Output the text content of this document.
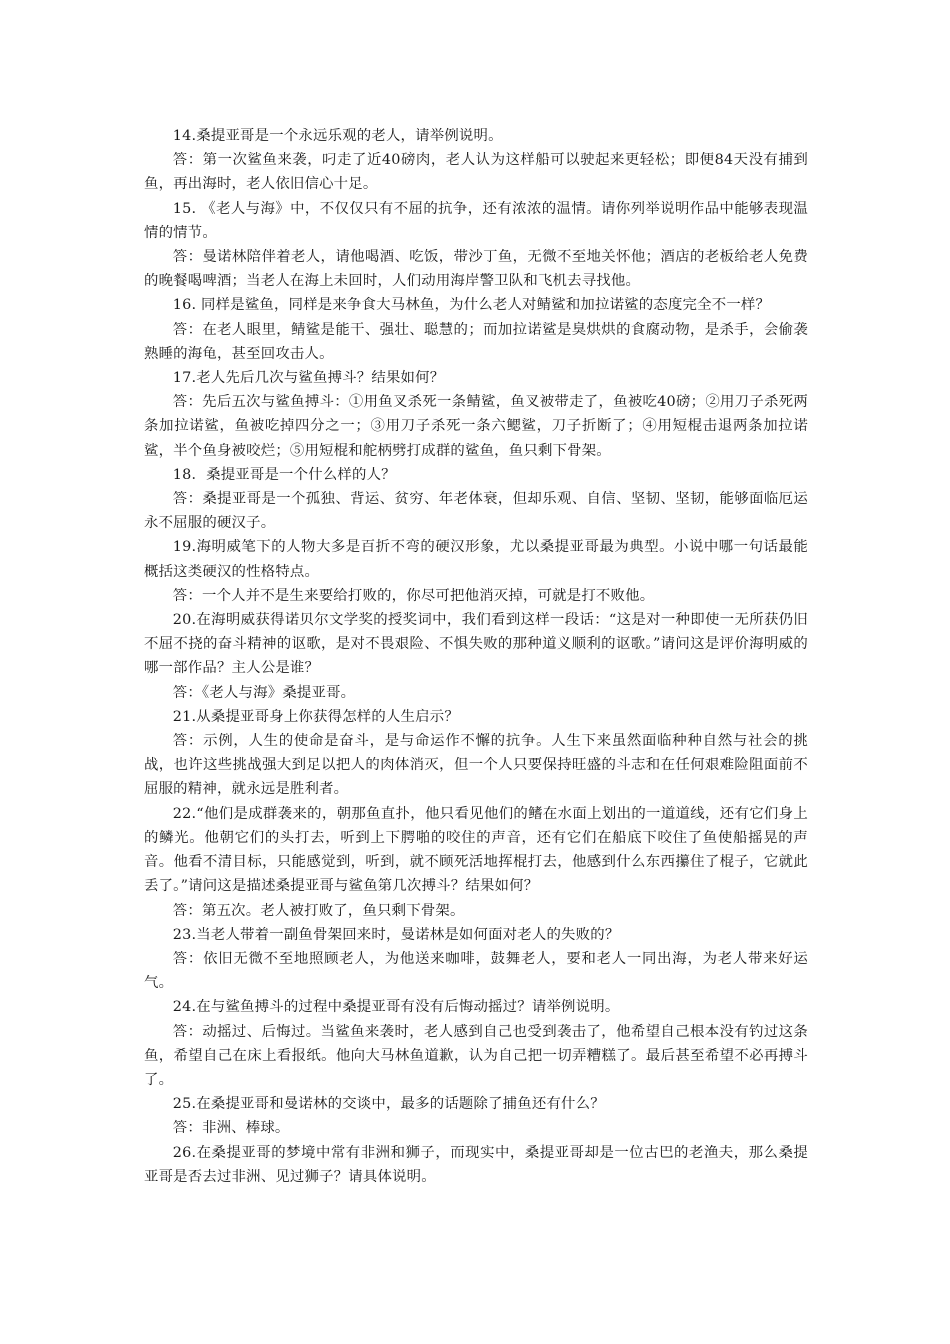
14.桑提亚哥是一个永远乐观的老人，请举例说明。

答：第一次鲨鱼来袭，叼走了近40磅肉，老人认为这样船可以驶起来更轻松；即便84天没有捕到鱼，再出海时，老人依旧信心十足。

15. 《老人与海》中，不仅仅只有不屈的抗争，还有浓浓的温情。请你列举说明作品中能够表现温情的情节。

答：曼诺林陪伴着老人，请他喝酒、吃饭，带沙丁鱼，无微不至地关怀他；酒店的老板给老人免费的晚餐喝啤酒；当老人在海上未回时，人们动用海岸警卫队和飞机去寻找他。

16. 同样是鲨鱼，同样是来争食大马林鱼，为什么老人对鲭鲨和加拉诺鲨的态度完全不一样？

答：在老人眼里，鲭鲨是能干、强壮、聪慧的；而加拉诺鲨是臭烘烘的食腐动物，是杀手，会偷袭熟睡的海龟，甚至回攻击人。

17.老人先后几次与鲨鱼搏斗？结果如何？

答：先后五次与鲨鱼搏斗：①用鱼叉杀死一条鲭鲨，鱼叉被带走了，鱼被吃40磅；②用刀子杀死两条加拉诺鲨，鱼被吃掉四分之一；③用刀子杀死一条六鳃鲨，刀子折断了；④用短棍击退两条加拉诺鲨，半个鱼身被咬烂；⑤用短棍和舵柄劈打成群的鲨鱼，鱼只剩下骨架。

18．桑提亚哥是一个什么样的人？

答：桑提亚哥是一个孤独、背运、贫穷、年老体衰，但却乐观、自信、坚韧、坚韧，能够面临厄运永不屈服的硬汉子。

19.海明威笔下的人物大多是百折不弯的硬汉形象，尤以桑提亚哥最为典型。小说中哪一句话最能概括这类硬汉的性格特点。

答：一个人并不是生来要给打败的，你尽可把他消灭掉，可就是打不败他。

20.在海明威获得诺贝尔文学奖的授奖词中，我们看到这样一段话：“这是对一种即使一无所获仍旧不屈不挠的奋斗精神的讴歌，是对不畏艰险、不惧失败的那种道义顺利的讴歌。”请问这是评价海明威的哪一部作品？主人公是谁？

答：《老人与海》桑提亚哥。

21.从桑提亚哥身上你获得怎样的人生启示？

答：示例，人生的使命是奋斗，是与命运作不懈的抗争。人生下来虽然面临种种自然与社会的挑战，也许这些挑战强大到足以把人的肉体消灭，但一个人只要保持旺盛的斗志和在任何艰难险阻面前不屈服的精神，就永远是胜利者。

22.“他们是成群袭来的，朝那鱼直扑，他只看见他们的鳍在水面上划出的一道道线，还有它们身上的鳞光。他朝它们的头打去，听到上下腭啪的咬住的声音，还有它们在船底下咬住了鱼使船摇晃的声音。他看不清目标，只能感觉到，听到，就不顾死活地挥棍打去，他感到什么东西攥住了棍子，它就此丢了。”请问这是描述桑提亚哥与鲨鱼第几次搏斗？结果如何？

答：第五次。老人被打败了，鱼只剩下骨架。

23.当老人带着一副鱼骨架回来时，曼诺林是如何面对老人的失败的？

答：依旧无微不至地照顾老人，为他送来咖啡，鼓舞老人，要和老人一同出海，为老人带来好运气。

24.在与鲨鱼搏斗的过程中桑提亚哥有没有后悔动摇过？请举例说明。

答：动摇过、后悔过。当鲨鱼来袭时，老人感到自己也受到袭击了，他希望自己根本没有钓过这条鱼，希望自己在床上看报纸。他向大马林鱼道歉，认为自己把一切弄糟糕了。最后甚至希望不必再搏斗了。

25.在桑提亚哥和曼诺林的交谈中，最多的话题除了捕鱼还有什么？

答：非洲、棒球。

26.在桑提亚哥的梦境中常有非洲和狮子，而现实中，桑提亚哥却是一位古巴的老渔夫，那么桑提亚哥是否去过非洲、见过狮子？请具体说明。
